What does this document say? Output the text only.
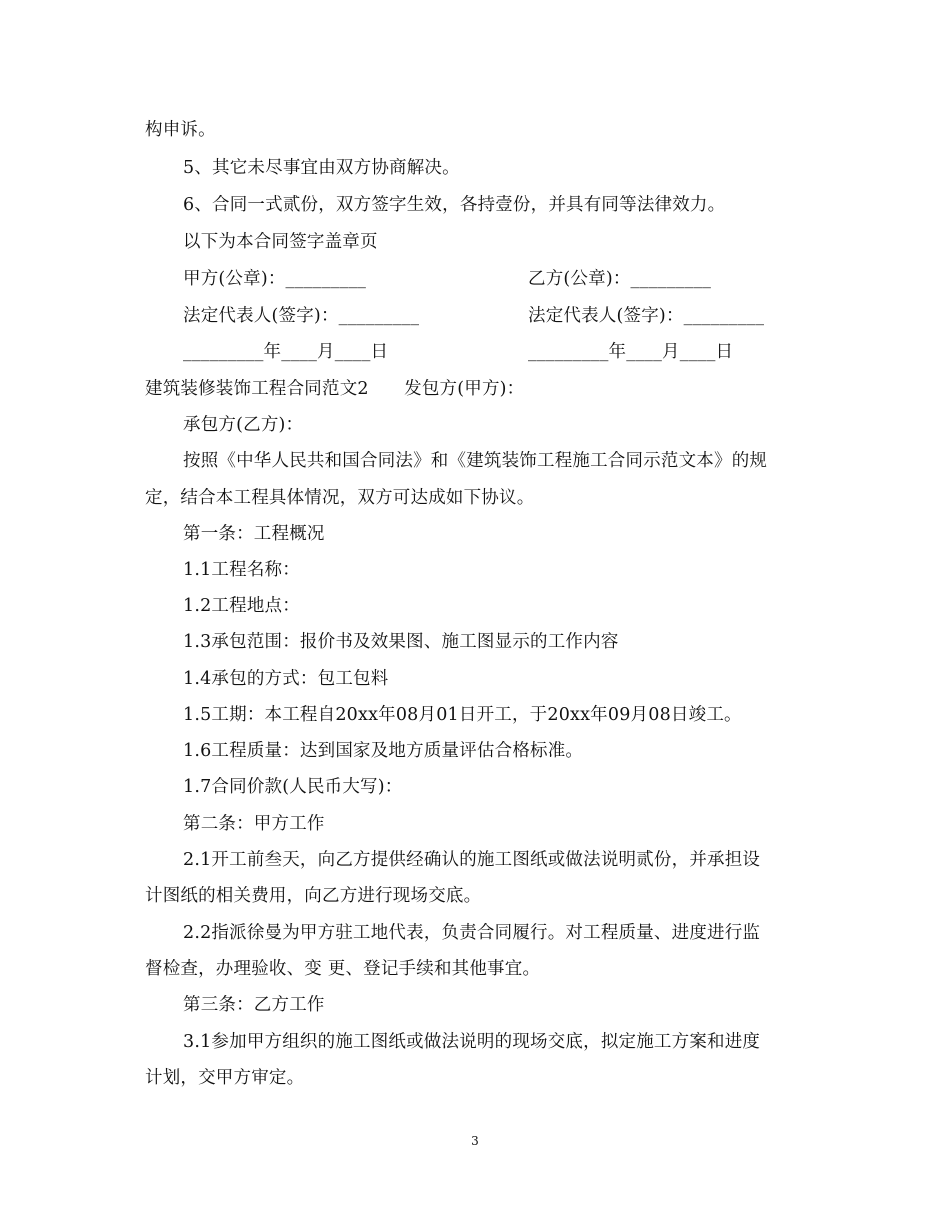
构申诉。
5、其它未尽事宜由双方协商解决。
6、合同一式贰份，双方签字生效，各持壹份，并具有同等法律效力。
以下为本合同签字盖章页
甲方(公章)：_________	乙方(公章)：_________
法定代表人(签字)：_________	法定代表人(签字)：_________
_________年____月____日	_________年____月____日
建筑装修装饰工程合同范文2　　发包方(甲方)：
承包方(乙方)：
按照《中华人民共和国合同法》和《建筑装饰工程施工合同示范文本》的规
定，结合本工程具体情况，双方可达成如下协议。
第一条：工程概况
1.1工程名称：
1.2工程地点：
1.3承包范围：报价书及效果图、施工图显示的工作内容
1.4承包的方式：包工包料
1.5工期：本工程自20xx年08月01日开工，于20xx年09月08日竣工。
1.6工程质量：达到国家及地方质量评估合格标准。
1.7合同价款(人民币大写)：
第二条：甲方工作
2.1开工前叁天，向乙方提供经确认的施工图纸或做法说明贰份，并承担设
计图纸的相关费用，向乙方进行现场交底。
2.2指派徐曼为甲方驻工地代表，负责合同履行。对工程质量、进度进行监
督检查，办理验收、变 更、登记手续和其他事宜。
第三条：乙方工作
3.1参加甲方组织的施工图纸或做法说明的现场交底，拟定施工方案和进度
计划，交甲方审定。
3
